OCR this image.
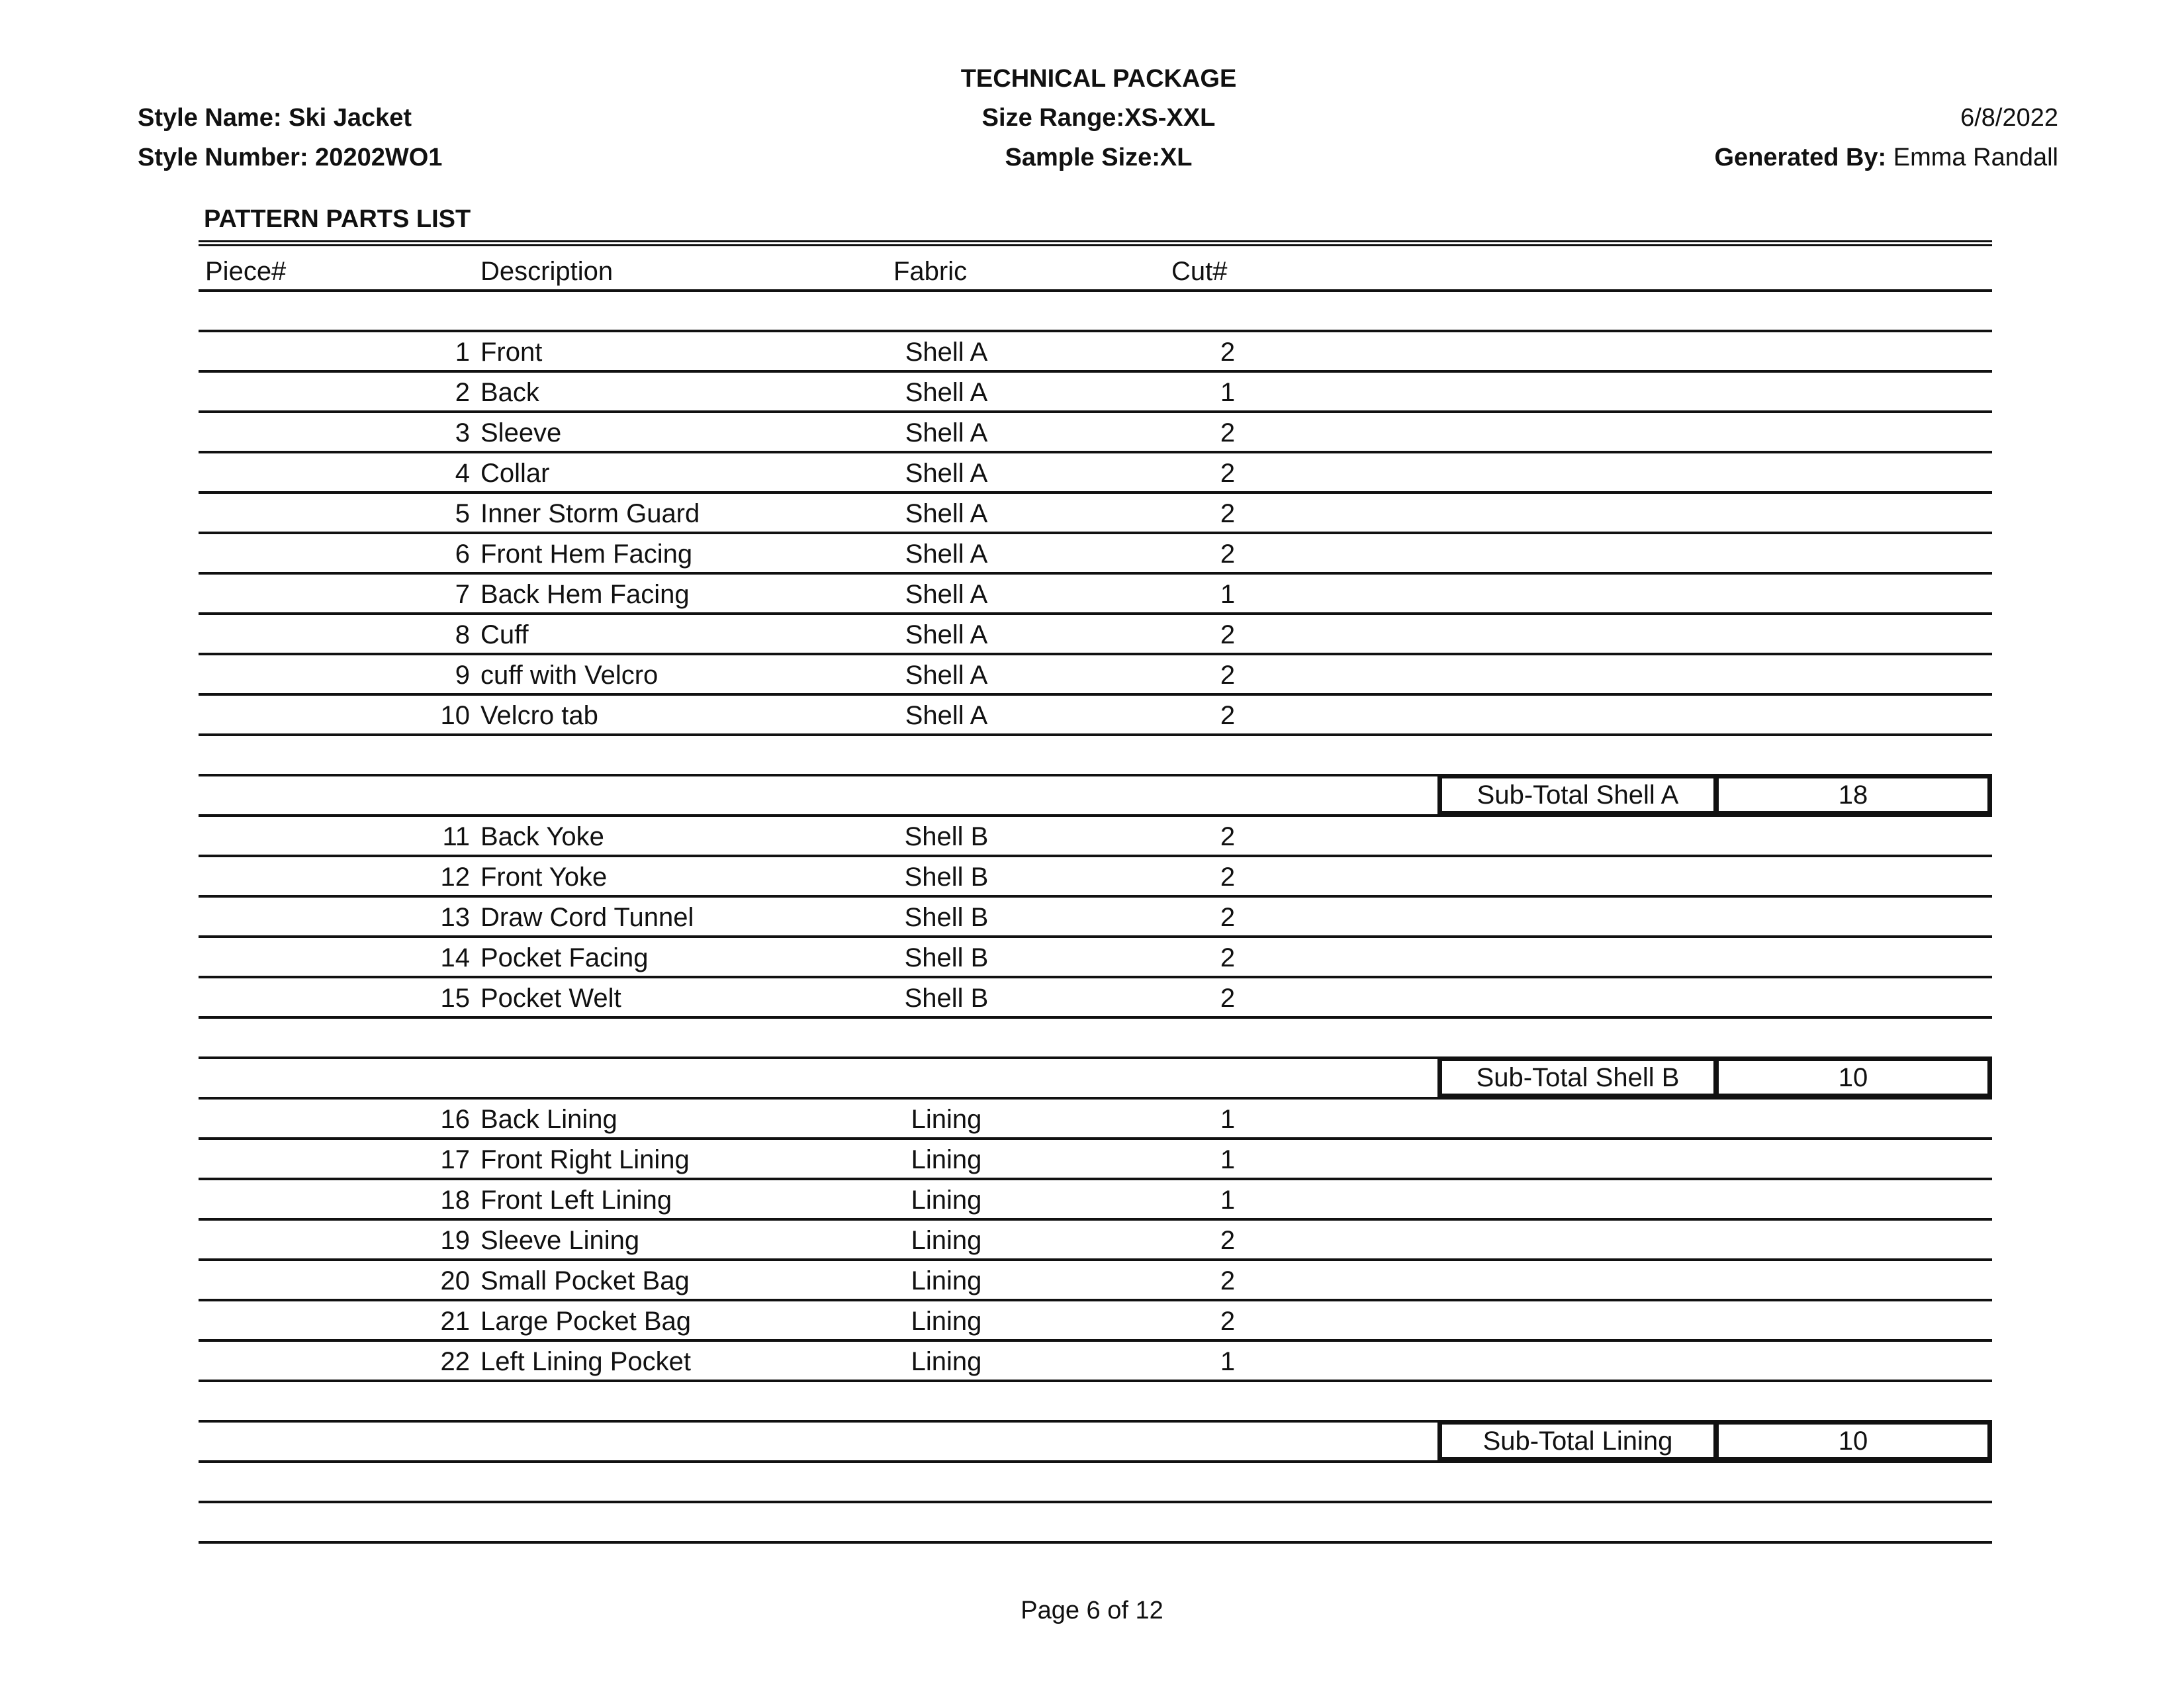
TECHNICAL PACKAGE
Size Range:XS-XXL
Sample Size:XL
Style Name: Ski Jacket
Style Number: 20202WO1
6/8/2022
Generated By: Emma Randall
PATTERN PARTS LIST
Piece#	Description	Fabric	Cut#
1 Front	Shell A	2
2 Back	Shell A	1
3 Sleeve	Shell A	2
4 Collar	Shell A	2
5 Inner Storm Guard	Shell A	2
6 Front Hem Facing	Shell A	2
7 Back Hem Facing	Shell A	1
8 Cuff	Shell A	2
9 cuff with Velcro	Shell A	2
10 Velcro tab	Shell A	2
Sub-Total Shell A	18
11 Back Yoke	Shell B	2
12 Front Yoke	Shell B	2
13 Draw Cord Tunnel	Shell B	2
14 Pocket Facing	Shell B	2
15 Pocket Welt	Shell B	2
Sub-Total Shell B	10
16 Back Lining	Lining	1
17 Front Right Lining	Lining	1
18 Front Left Lining	Lining	1
19 Sleeve Lining	Lining	2
20 Small Pocket Bag	Lining	2
21 Large Pocket Bag	Lining	2
22 Left Lining Pocket	Lining	1
Sub-Total Lining	10
Page 6 of 12
